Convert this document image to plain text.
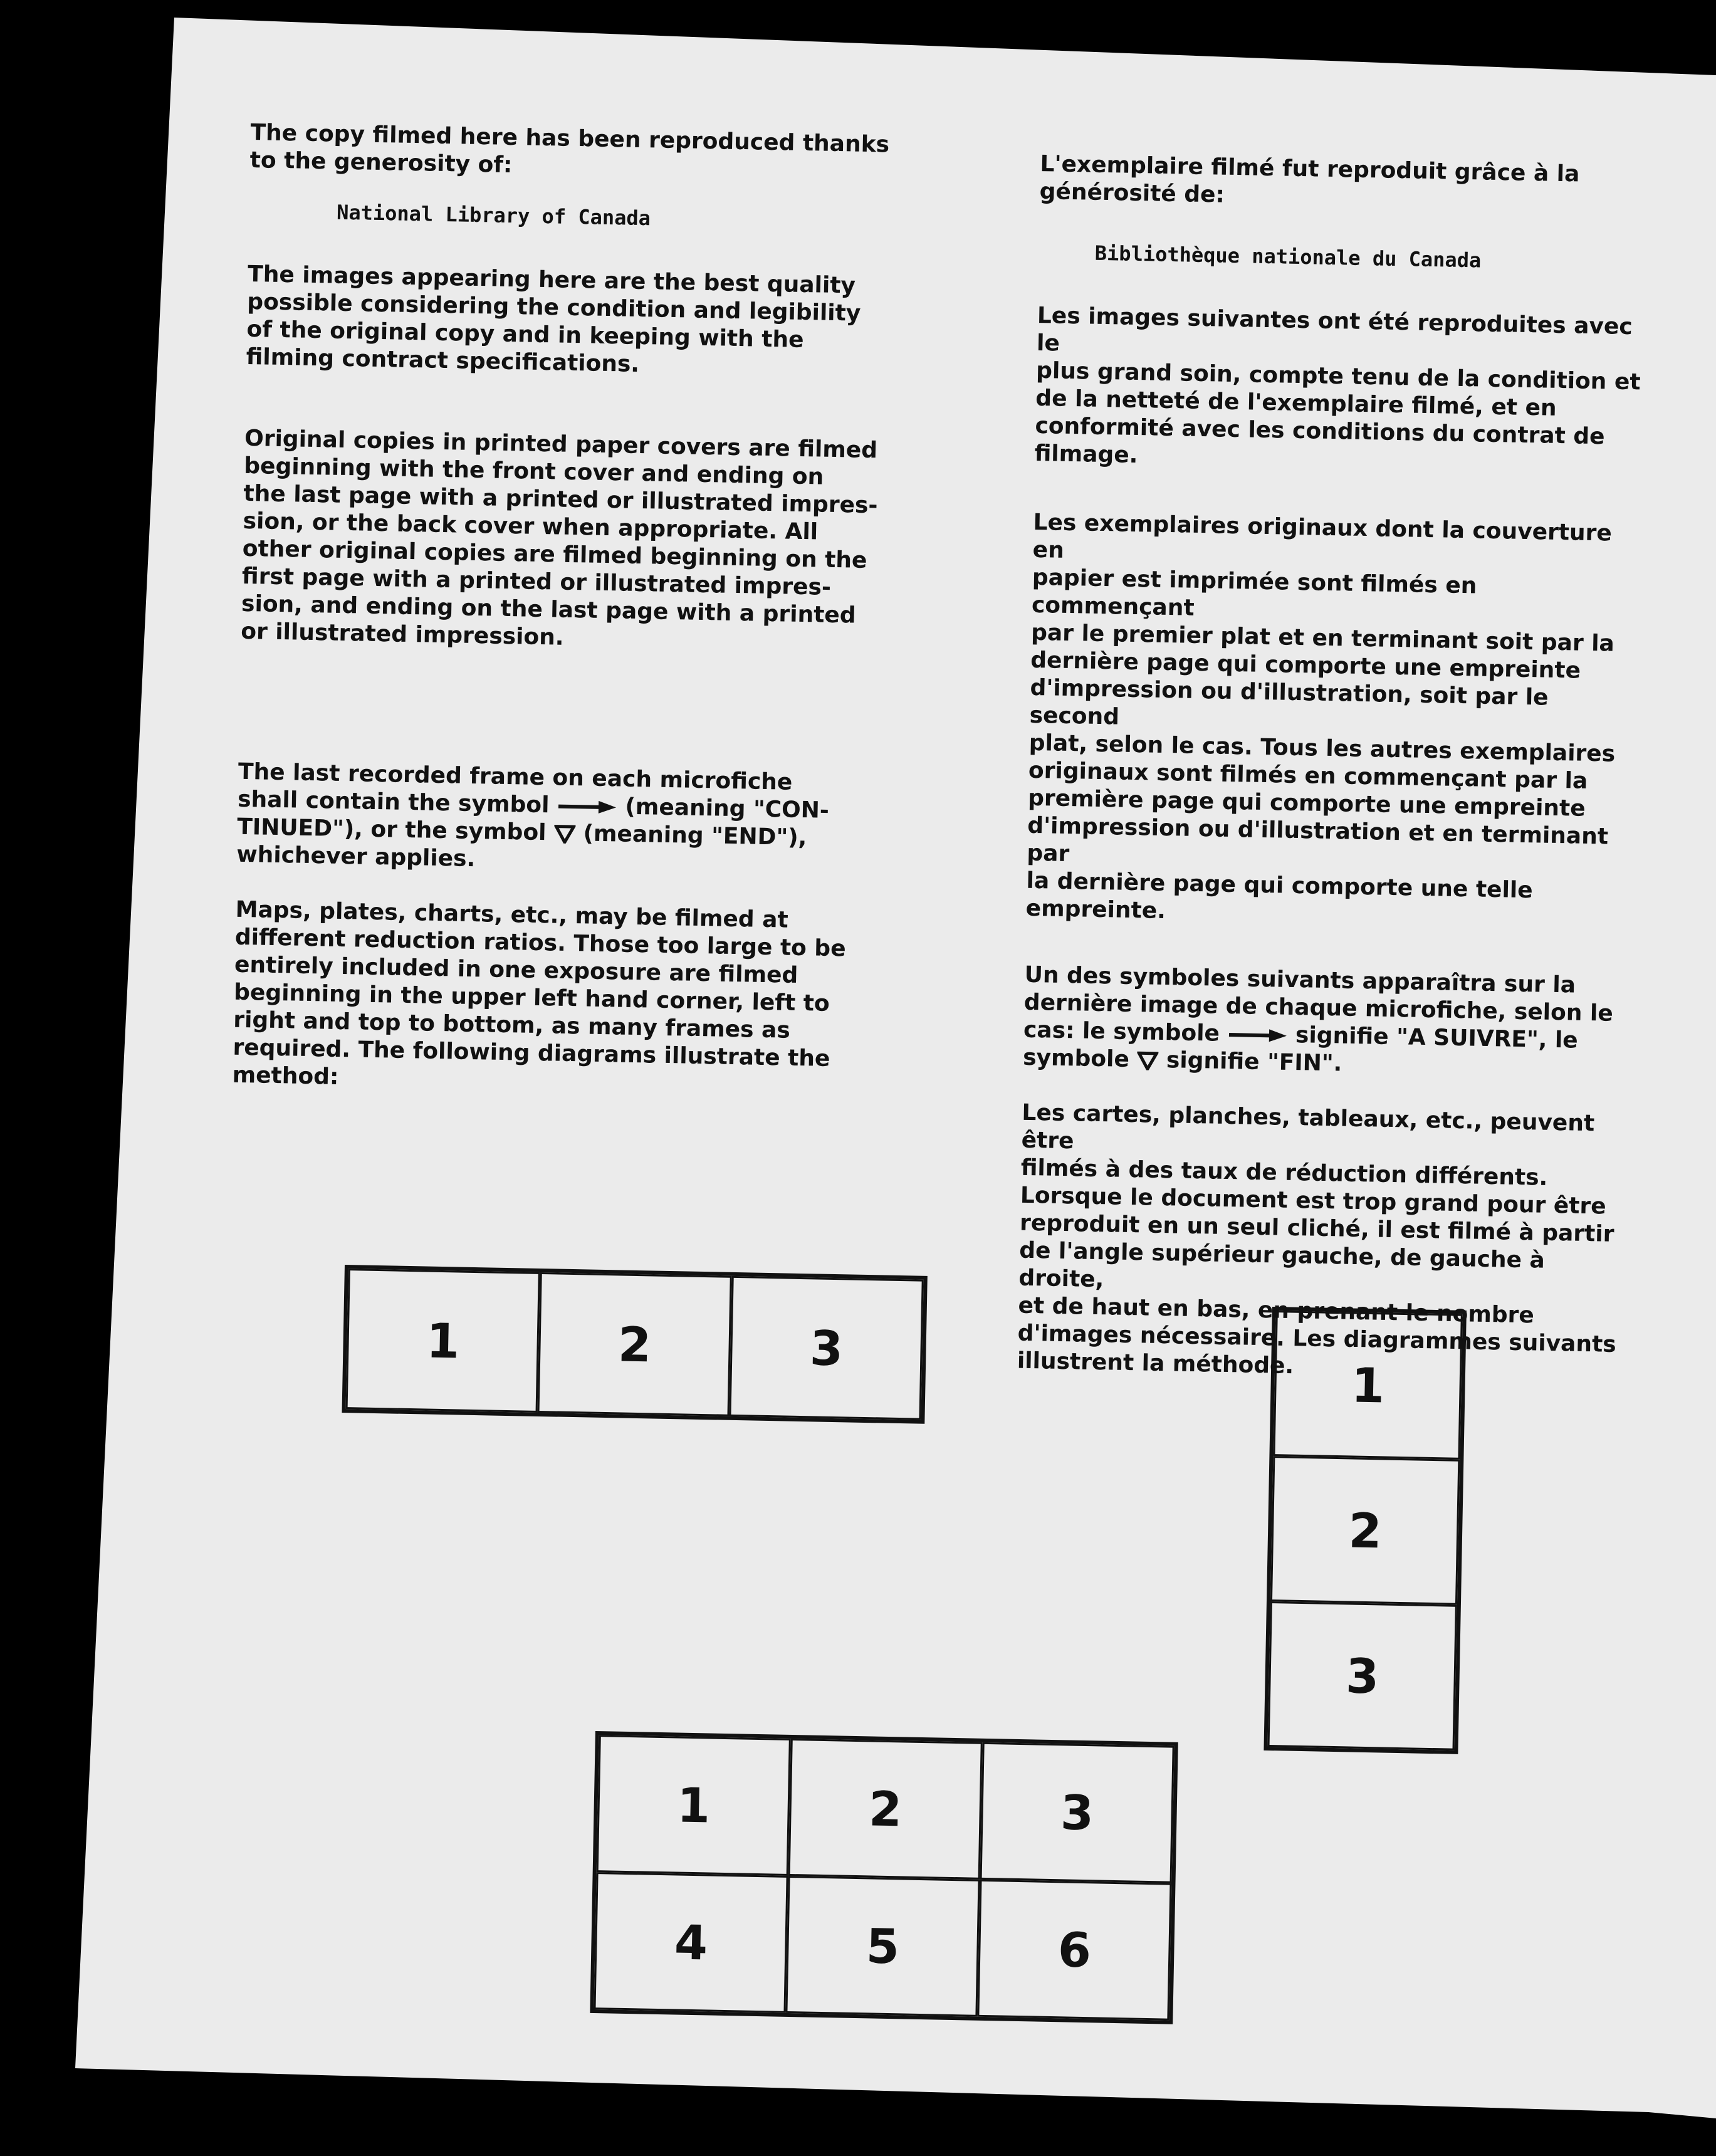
The copy filmed here has been reproduced thanks
to the generosity of:

National Library of Canada

The images appearing here are the best quality
possible considering the condition and legibility
of the original copy and in keeping with the
filming contract specifications.

Original copies in printed paper covers are filmed
beginning with the front cover and ending on
the last page with a printed or illustrated impres-
sion, or the back cover when appropriate. All
other original copies are filmed beginning on the
first page with a printed or illustrated impres-
sion, and ending on the last page with a printed
or illustrated impression.

The last recorded frame on each microfiche
shall contain the symbol	(meaning "CON-
TINUED"), or the symbol (meaning "END"),
whichever applies.

Maps, plates, charts, etc., may be filmed at
different reduction ratios. Those too large to be
entirely included in one exposure are filmed
beginning in the upper left hand corner, left to
right and top to bottom, as many frames as
required. The following diagrams illustrate the
method:

L'exemplaire filmé fut reproduit grâce à la
générosité de:

Bibliothèque nationale du Canada

Les images suivantes ont été reproduites avec le
plus grand soin, compte tenu de la condition et
de la netteté de l'exemplaire filmé, et en
conformité avec les conditions du contrat de
filmage.

Les exemplaires originaux dont la couverture en
papier est imprimée sont filmés en commençant
par le premier plat et en terminant soit par la
dernière page qui comporte une empreinte
d'impression ou d'illustration, soit par le second
plat, selon le cas. Tous les autres exemplaires
originaux sont filmés en commençant par la
première page qui comporte une empreinte
d'impression ou d'illustration et en terminant par
la dernière page qui comporte une telle
empreinte.

Un des symboles suivants apparaîtra sur la
dernière image de chaque microfiche, selon le
cas: le symbole	signifie "A SUIVRE", le
symbole signifie "FIN".

Les cartes, planches, tableaux, etc., peuvent être
filmés à des taux de réduction différents.
Lorsque le document est trop grand pour être
reproduit en un seul cliché, il est filmé à partir
de l'angle supérieur gauche, de gauche à droite,
et de haut en bas, en prenant le nombre
d'images nécessaire. Les diagrammes suivants
illustrent la méthode.

1	2	3
1
2
3
1	2	3
4	5	6
